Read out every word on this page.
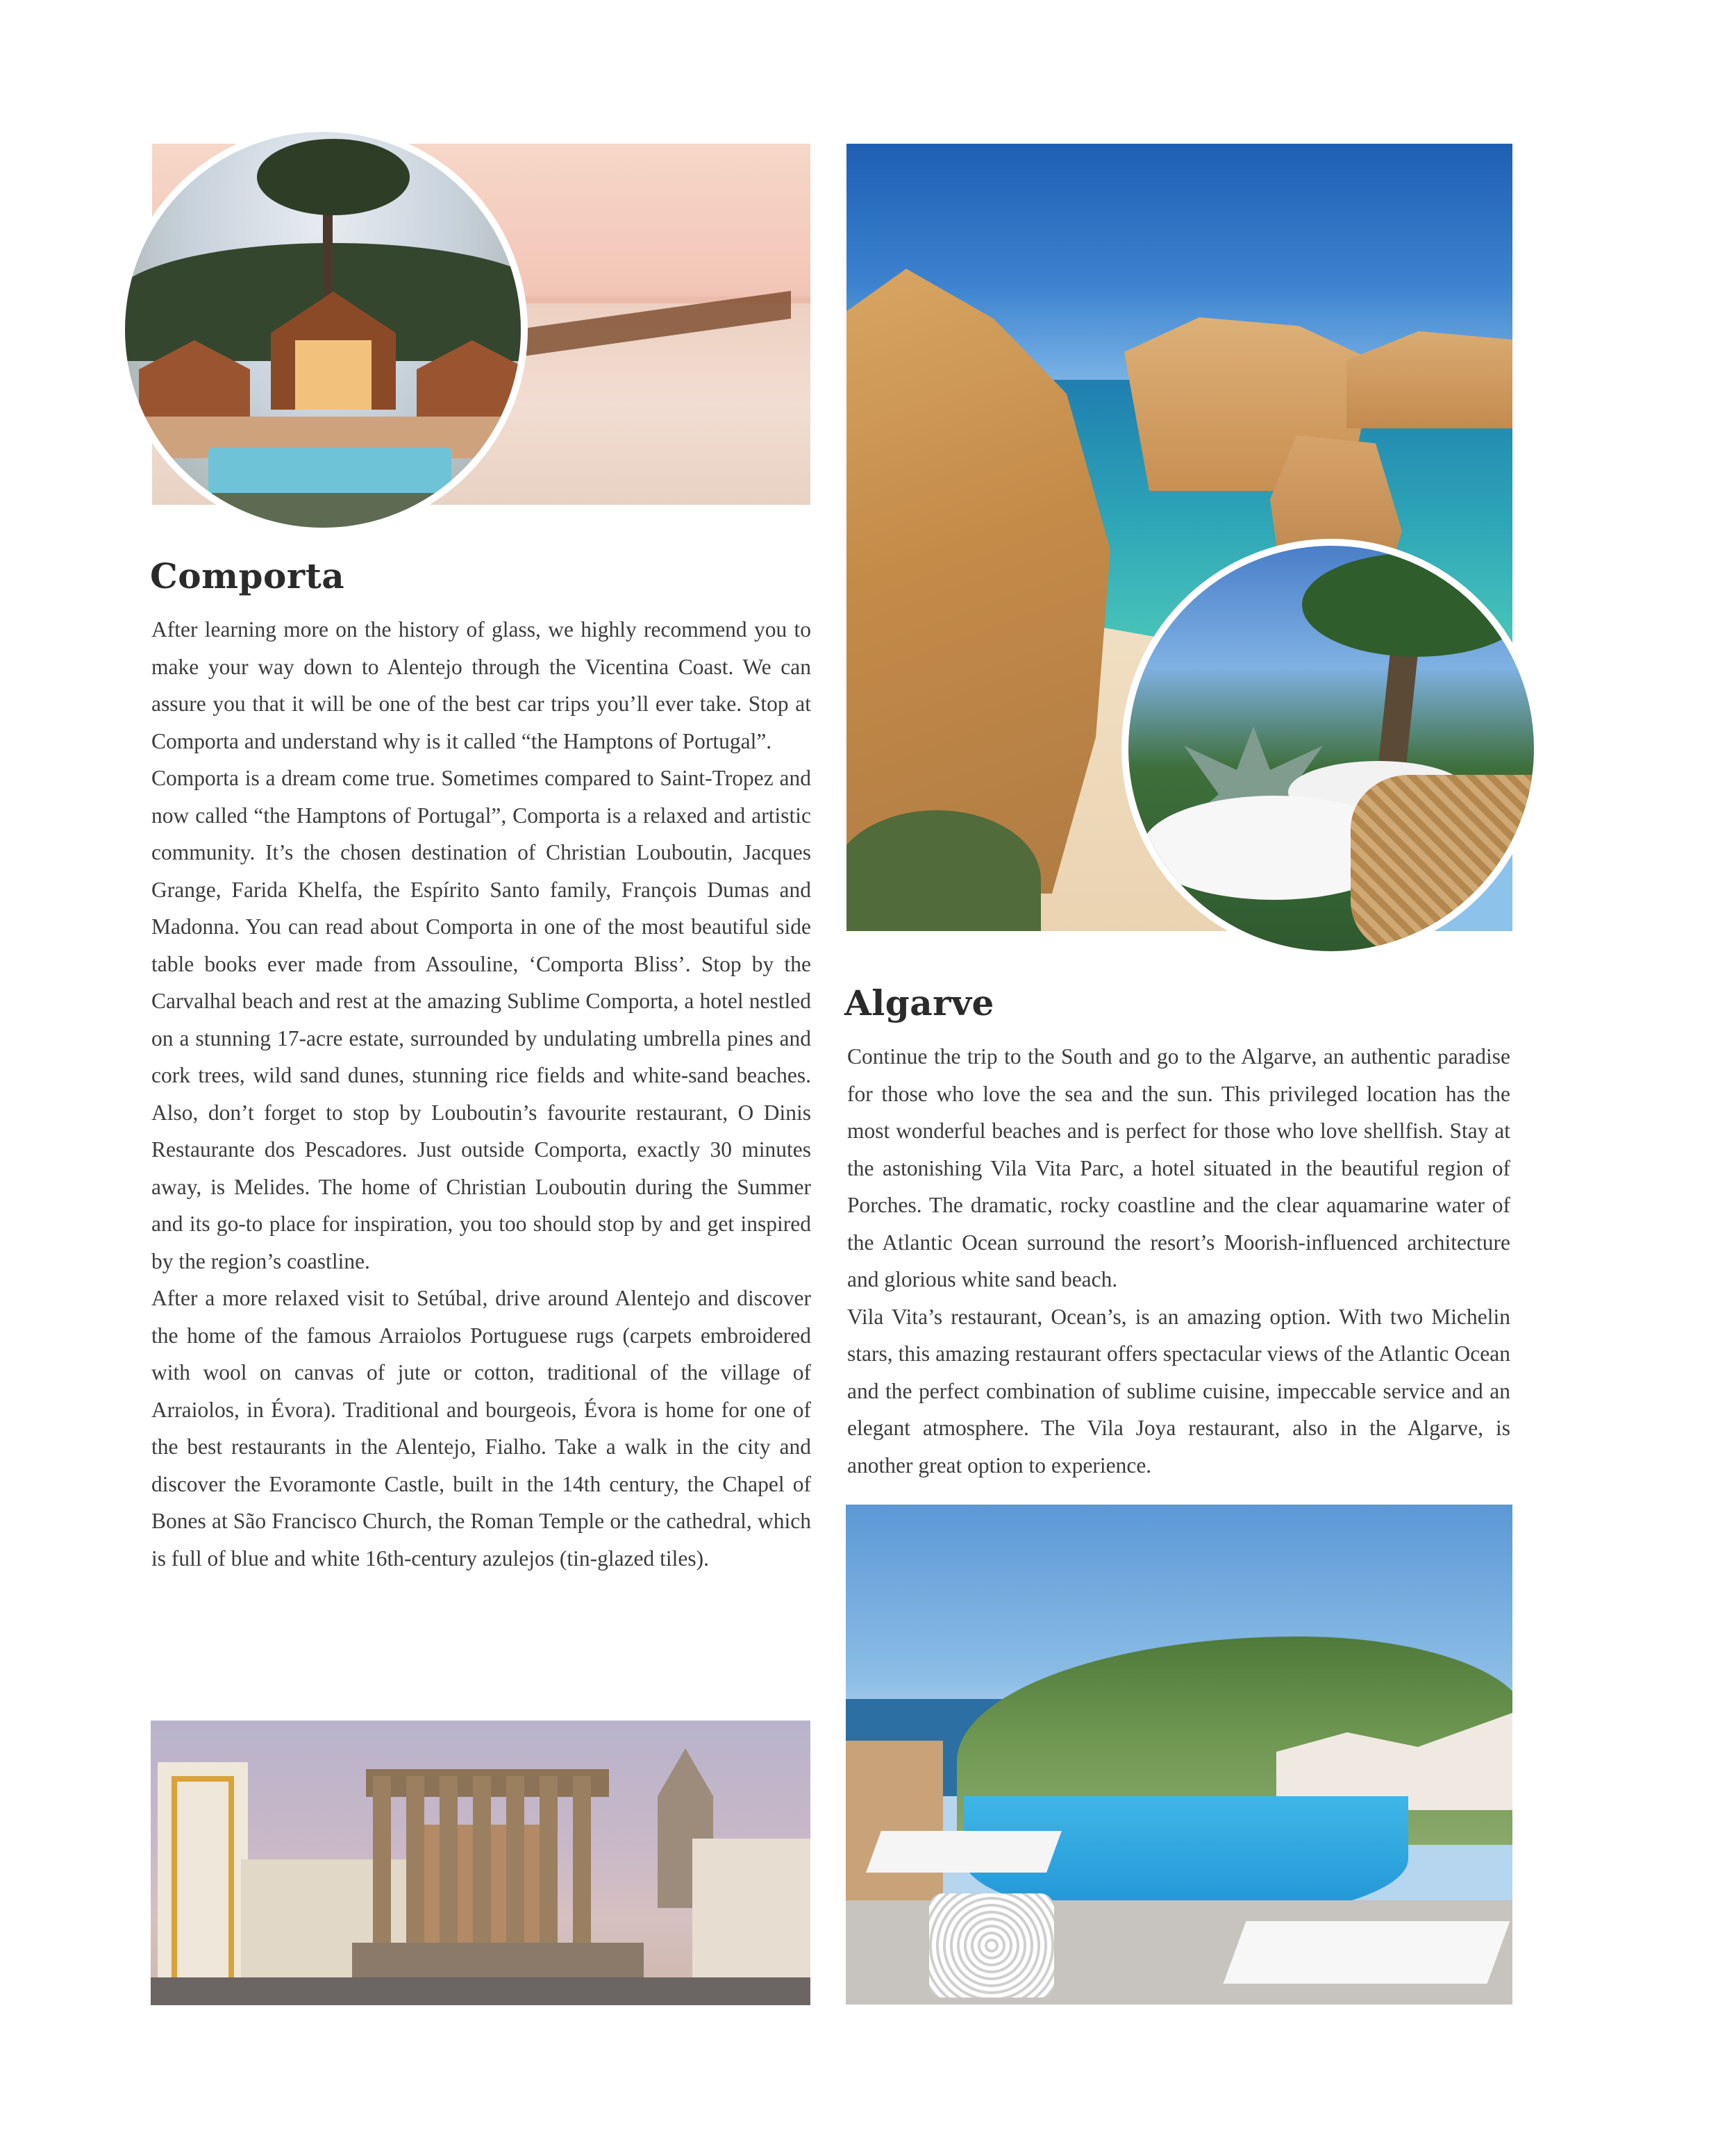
Comporta

After learning more on the history of glass, we highly recommend you to make your way down to Alentejo through the Vicentina Coast. We can assure you that it will be one of the best car trips you’ll ever take. Stop at Comporta and understand why is it called “the Hamptons of Portugal”.

Comporta is a dream come true. Sometimes compared to Saint-Tropez and now called “the Hamptons of Portugal”, Comporta is a relaxed and artistic community. It’s the chosen destination of Christian Louboutin, Jacques Grange, Farida Khelfa, the Espírito Santo family, François Dumas and Madonna. You can read about Comporta in one of the most beautiful side table books ever made from Assouline, ‘Comporta Bliss’. Stop by the Carvalhal beach and rest at the amazing Sublime Comporta, a hotel nestled on a stunning 17-acre estate, surrounded by undulating umbrella pines and cork trees, wild sand dunes, stunning rice fields and white-sand beaches. Also, don’t forget to stop by Louboutin’s favourite restaurant, O Dinis Restaurante dos Pescadores. Just outside Comporta, exactly 30 minutes away, is Melides. The home of Christian Louboutin during the Summer and its go-to place for inspiration, you too should stop by and get inspired by the region’s coastline.

After a more relaxed visit to Setúbal, drive around Alentejo and discover the home of the famous Arraiolos Portuguese rugs (carpets embroidered with wool on canvas of jute or cotton, traditional of the village of Arraiolos, in Évora). Traditional and bourgeois, Évora is home for one of the best restaurants in the Alentejo, Fialho. Take a walk in the city and discover the Evoramonte Castle, built in the 14th century, the Chapel of Bones at São Francisco Church, the Roman Temple or the cathedral, which is full of blue and white 16th-century azulejos (tin-glazed tiles).

Algarve

Continue the trip to the South and go to the Algarve, an authentic paradise for those who love the sea and the sun. This privileged location has the most wonderful beaches and is perfect for those who love shellfish. Stay at the astonishing Vila Vita Parc, a hotel situated in the beautiful region of Porches. The dramatic, rocky coastline and the clear aquamarine water of the Atlantic Ocean surround the resort’s Moorish-influenced architecture and glorious white sand beach.

Vila Vita’s restaurant, Ocean’s, is an amazing option. With two Michelin stars, this amazing restaurant offers spectacular views of the Atlantic Ocean and the perfect combination of sublime cuisine, impeccable service and an elegant atmosphere. The Vila Joya restaurant, also in the Algarve, is another great option to experience.
